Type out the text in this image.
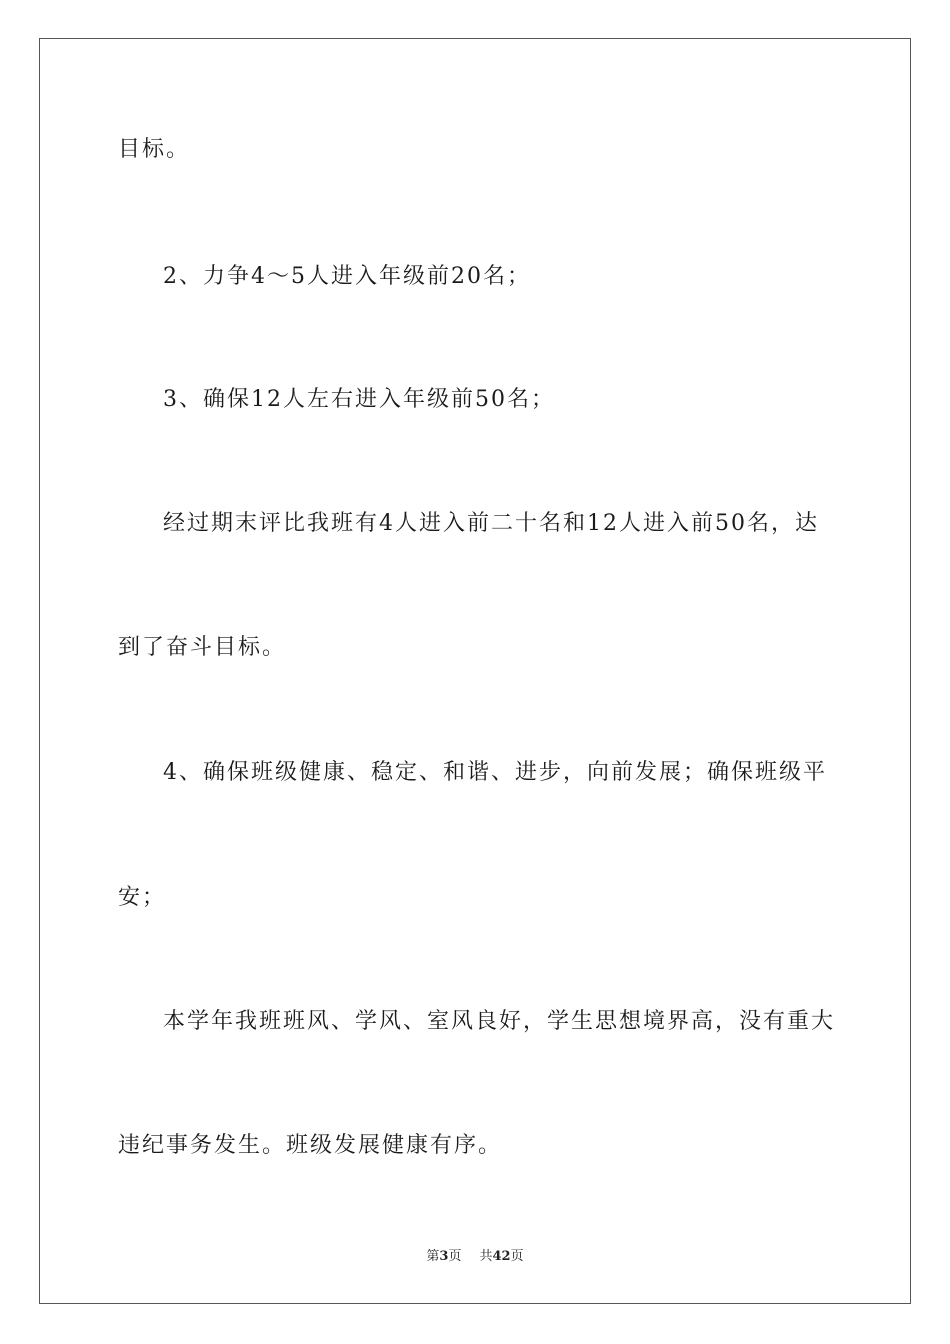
目标。
2、力争4～5人进入年级前20名；
3、确保12人左右进入年级前50名；
经过期末评比我班有4人进入前二十名和12人进入前50名，达
到了奋斗目标。
4、确保班级健康、稳定、和谐、进步，向前发展；确保班级平
安；
本学年我班班风、学风、室风良好，学生思想境界高，没有重大
违纪事务发生。班级发展健康有序。
第3页 共42页
